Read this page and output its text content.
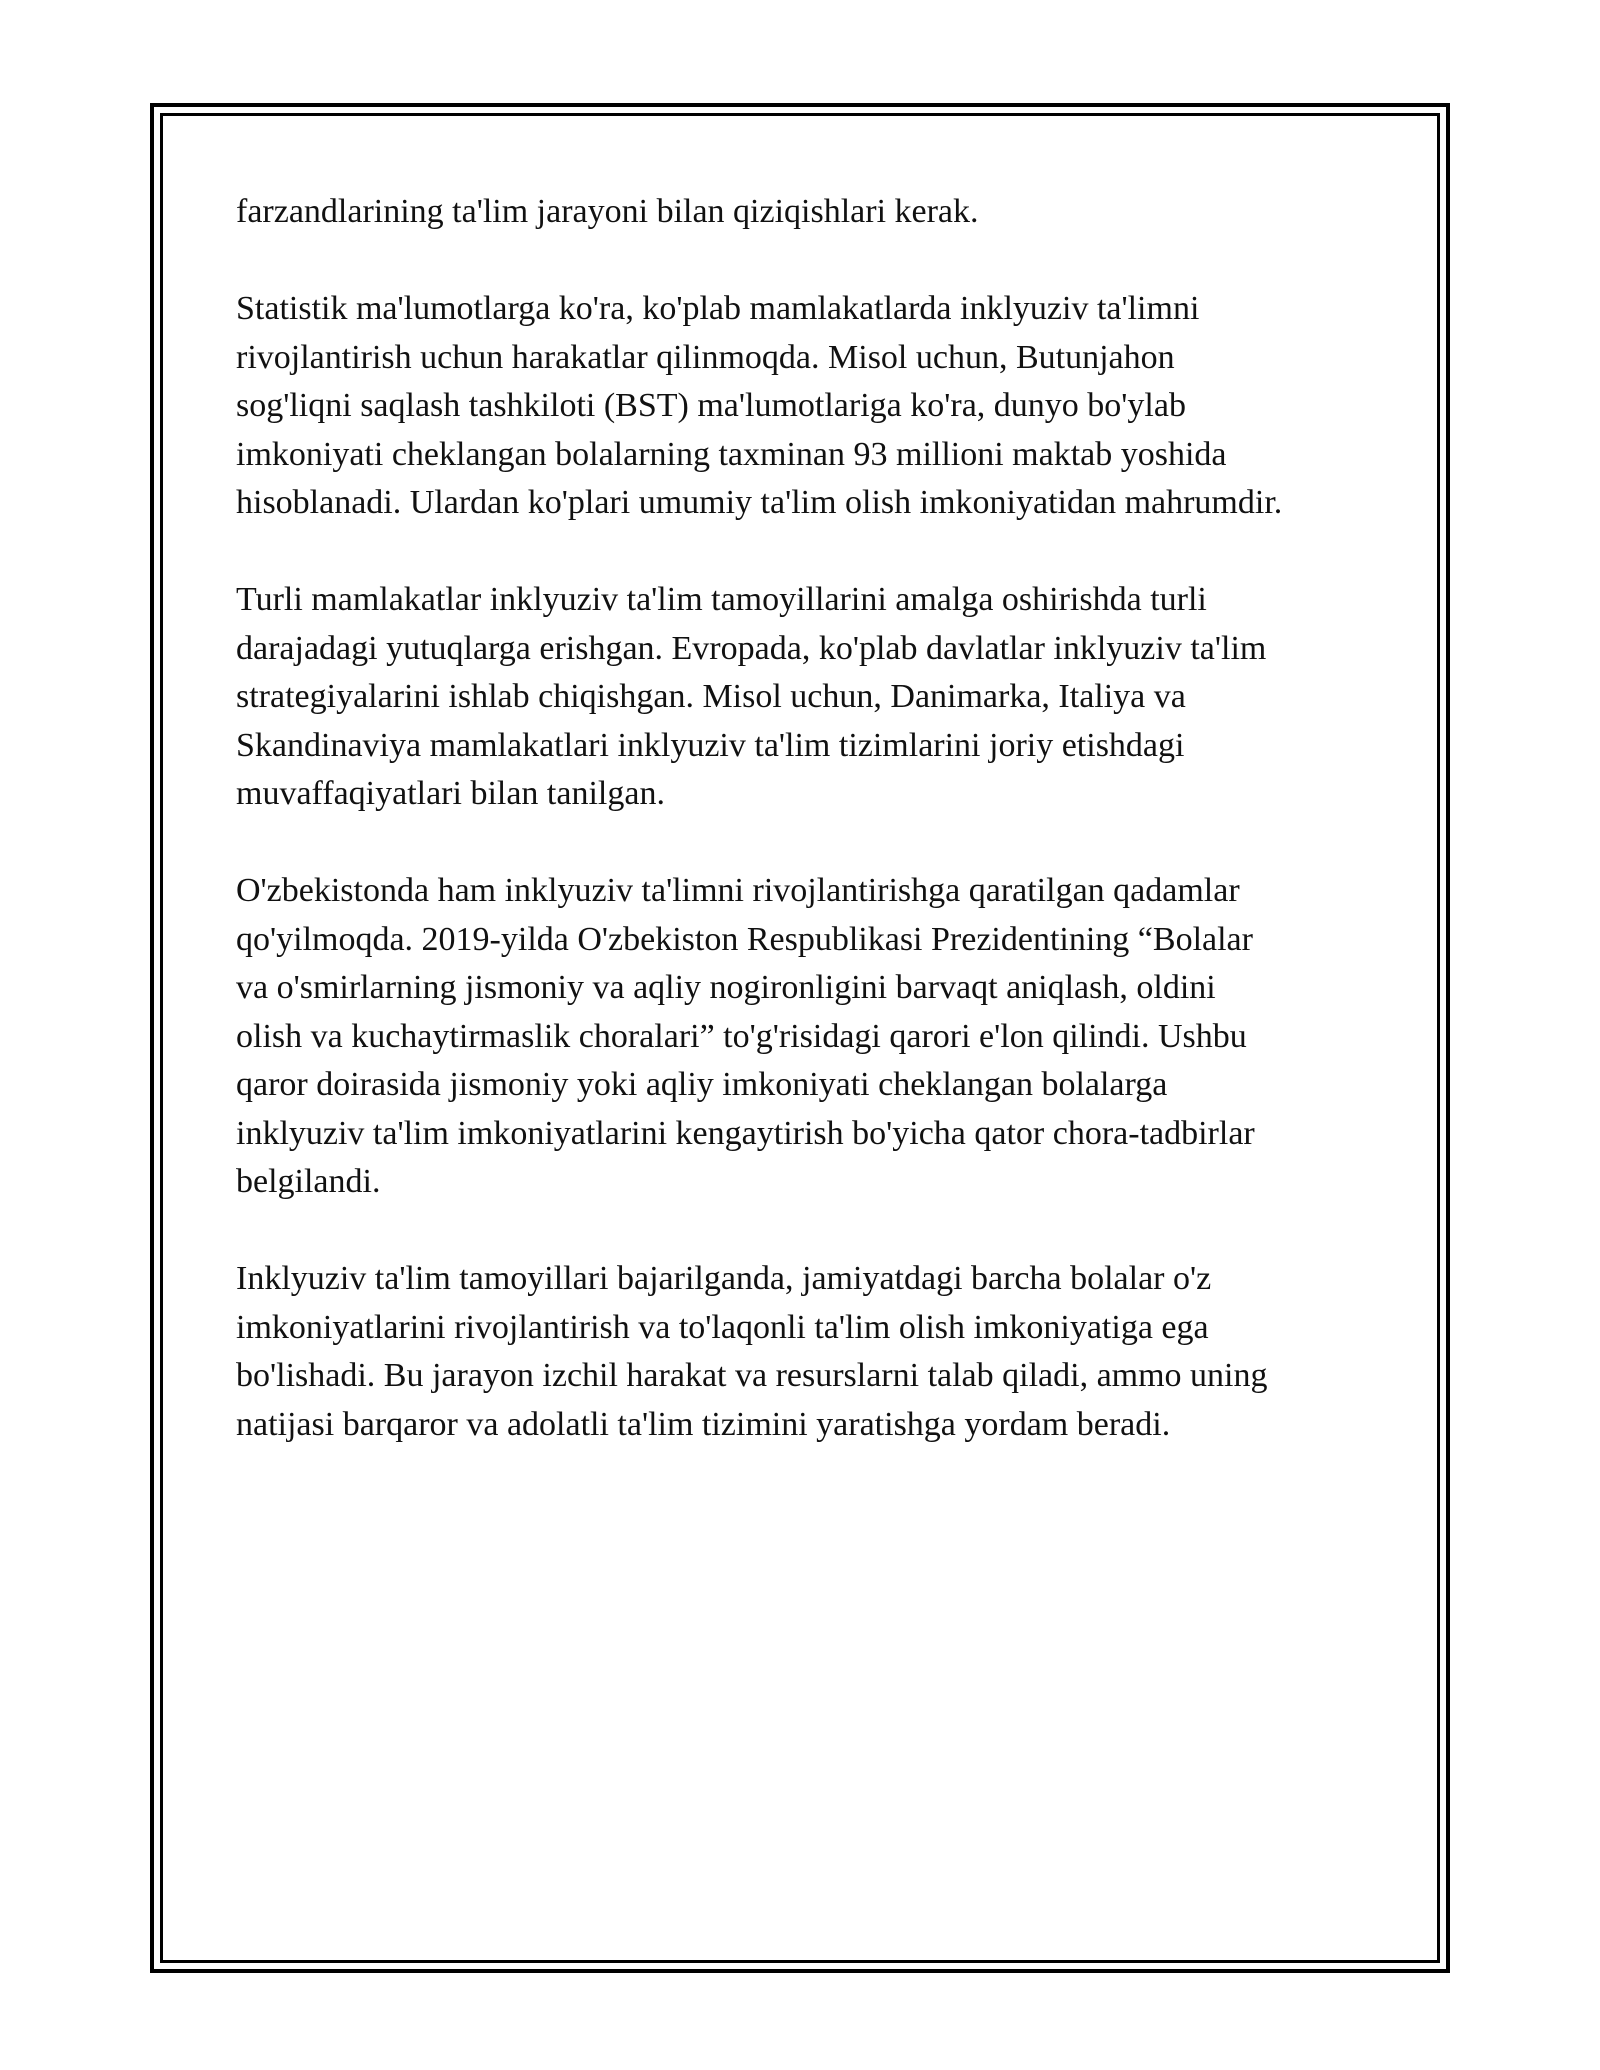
farzandlarining ta'lim jarayoni bilan qiziqishlari kerak.

Statistik ma'lumotlarga ko'ra, ko'plab mamlakatlarda inklyuziv ta'limni
rivojlantirish uchun harakatlar qilinmoqda. Misol uchun, Butunjahon
sog'liqni saqlash tashkiloti (BST) ma'lumotlariga ko'ra, dunyo bo'ylab
imkoniyati cheklangan bolalarning taxminan 93 millioni maktab yoshida
hisoblanadi. Ulardan ko'plari umumiy ta'lim olish imkoniyatidan mahrumdir.

Turli mamlakatlar inklyuziv ta'lim tamoyillarini amalga oshirishda turli
darajadagi yutuqlarga erishgan. Evropada, ko'plab davlatlar inklyuziv ta'lim
strategiyalarini ishlab chiqishgan. Misol uchun, Danimarka, Italiya va
Skandinaviya mamlakatlari inklyuziv ta'lim tizimlarini joriy etishdagi
muvaffaqiyatlari bilan tanilgan.

O'zbekistonda ham inklyuziv ta'limni rivojlantirishga qaratilgan qadamlar
qo'yilmoqda. 2019-yilda O'zbekiston Respublikasi Prezidentining “Bolalar
va o'smirlarning jismoniy va aqliy nogironligini barvaqt aniqlash, oldini
olish va kuchaytirmaslik choralari” to'g'risidagi qarori e'lon qilindi. Ushbu
qaror doirasida jismoniy yoki aqliy imkoniyati cheklangan bolalarga
inklyuziv ta'lim imkoniyatlarini kengaytirish bo'yicha qator chora-tadbirlar
belgilandi.

Inklyuziv ta'lim tamoyillari bajarilganda, jamiyatdagi barcha bolalar o'z
imkoniyatlarini rivojlantirish va to'laqonli ta'lim olish imkoniyatiga ega
bo'lishadi. Bu jarayon izchil harakat va resurslarni talab qiladi, ammo uning
natijasi barqaror va adolatli ta'lim tizimini yaratishga yordam beradi.
